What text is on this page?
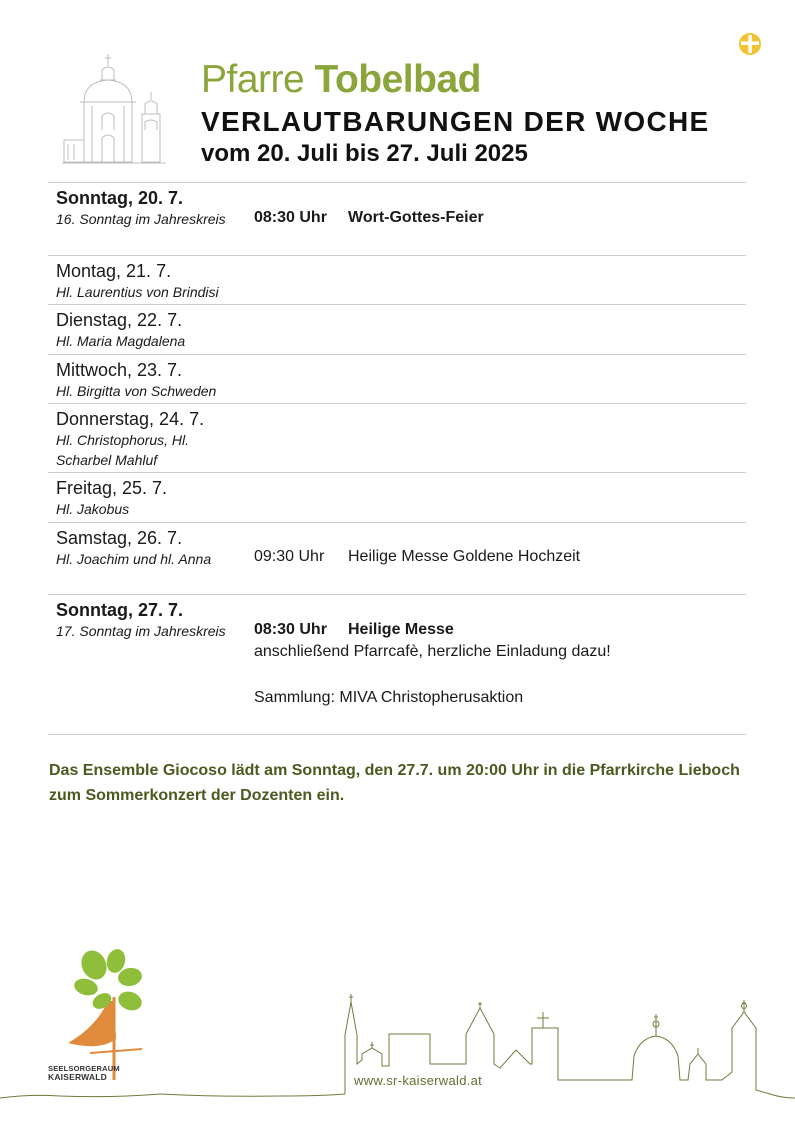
Pfarre Tobelbad
VERLAUTBARUNGEN DER WOCHE
vom 20. Juli bis 27. Juli 2025
Sonntag, 20. 7.
16. Sonntag im Jahreskreis	08:30 Uhr Wort-Gottes-Feier
Montag, 21. 7.
Hl. Laurentius von Brindisi
Dienstag, 22. 7.
Hl. Maria Magdalena
Mittwoch, 23. 7.
Hl. Birgitta von Schweden
Donnerstag, 24. 7.
Hl. Christophorus, Hl. Scharbel Mahluf
Freitag, 25. 7.
Hl. Jakobus
Samstag, 26. 7.
Hl. Joachim und hl. Anna	09:30 Uhr Heilige Messe Goldene Hochzeit
Sonntag, 27. 7.
17. Sonntag im Jahreskreis	08:30 Uhr Heilige Messe
anschließend Pfarrcafè, herzliche Einladung dazu!
Sammlung: MIVA Christopherusaktion
Das Ensemble Giocoso lädt am Sonntag, den 27.7. um 20:00 Uhr in die Pfarrkirche Lieboch zum Sommerkonzert der Dozenten ein.
SEELSORGERAUM
KAISERWALD	www.sr-kaiserwald.at
